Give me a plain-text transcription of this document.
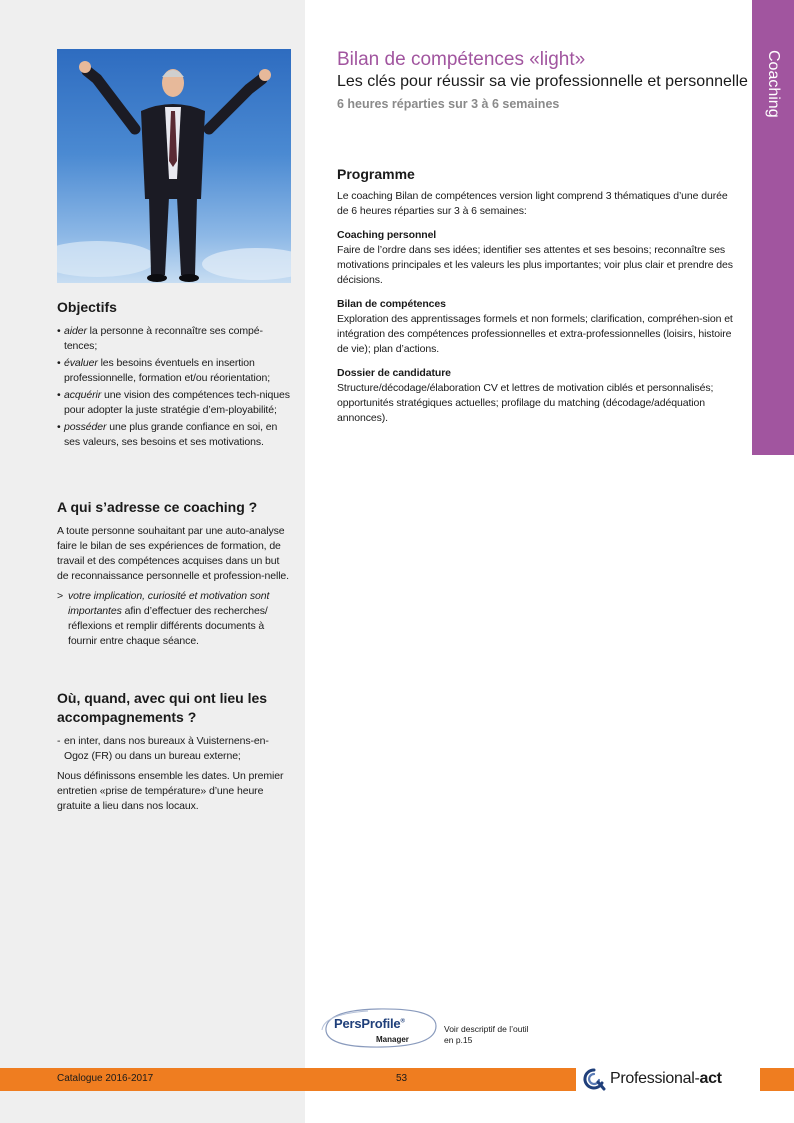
Objectifs
• aider la personne à reconnaître ses compé-tences;
• évaluer les besoins éventuels en insertion professionnelle, formation et/ou réorientation;
• acquérir une vision des compétences tech-niques pour adopter la juste stratégie d’em-ployabilité;
• posséder une plus grande confiance en soi, en ses valeurs, ses besoins et ses motivations.
A qui s’adresse ce coaching ?
A toute personne souhaitant par une auto-analyse faire le bilan de ses expériences de formation, de travail et des compétences acquises dans un but de reconnaissance personnelle et profession-nelle.
> votre implication, curiosité et motivation sont importantes afin d’effectuer des recherches/ réflexions et remplir différents documents à fournir entre chaque séance.
Où, quand, avec qui ont lieu les accompagnements ?
- en inter, dans nos bureaux à Vuisternens-en-Ogoz (FR) ou dans un bureau externe;
Nous définissons ensemble les dates. Un premier entretien «prise de température» d’une heure gratuite a lieu dans nos locaux.
Bilan de compétences «light»
Les clés pour réussir sa vie professionnelle et personnelle
6 heures réparties sur 3 à 6 semaines
Programme
Le coaching Bilan de compétences version light comprend 3 thématiques d’une durée de 6 heures réparties sur 3 à 6 semaines:
Coaching personnel
Faire de l’ordre dans ses idées; identifier ses attentes et ses besoins; reconnaître ses motivations principales et les valeurs les plus importantes; voir plus clair et prendre des décisions.
Bilan de compétences
Exploration des apprentissages formels et non formels; clarification, compréhen-sion et intégration des compétences professionnelles et extra-professionnelles (loisirs, histoire de vie); plan d’actions.
Dossier de candidature
Structure/décodage/élaboration CV et lettres de motivation ciblés et personnalisés; opportunités stratégiques actuelles; profilage du matching (décodage/adéquation annonces).
Coaching
PersProfile®
Manager
Voir descriptif de l’outil en p.15
Catalogue 2016-2017	53	Professional-act
